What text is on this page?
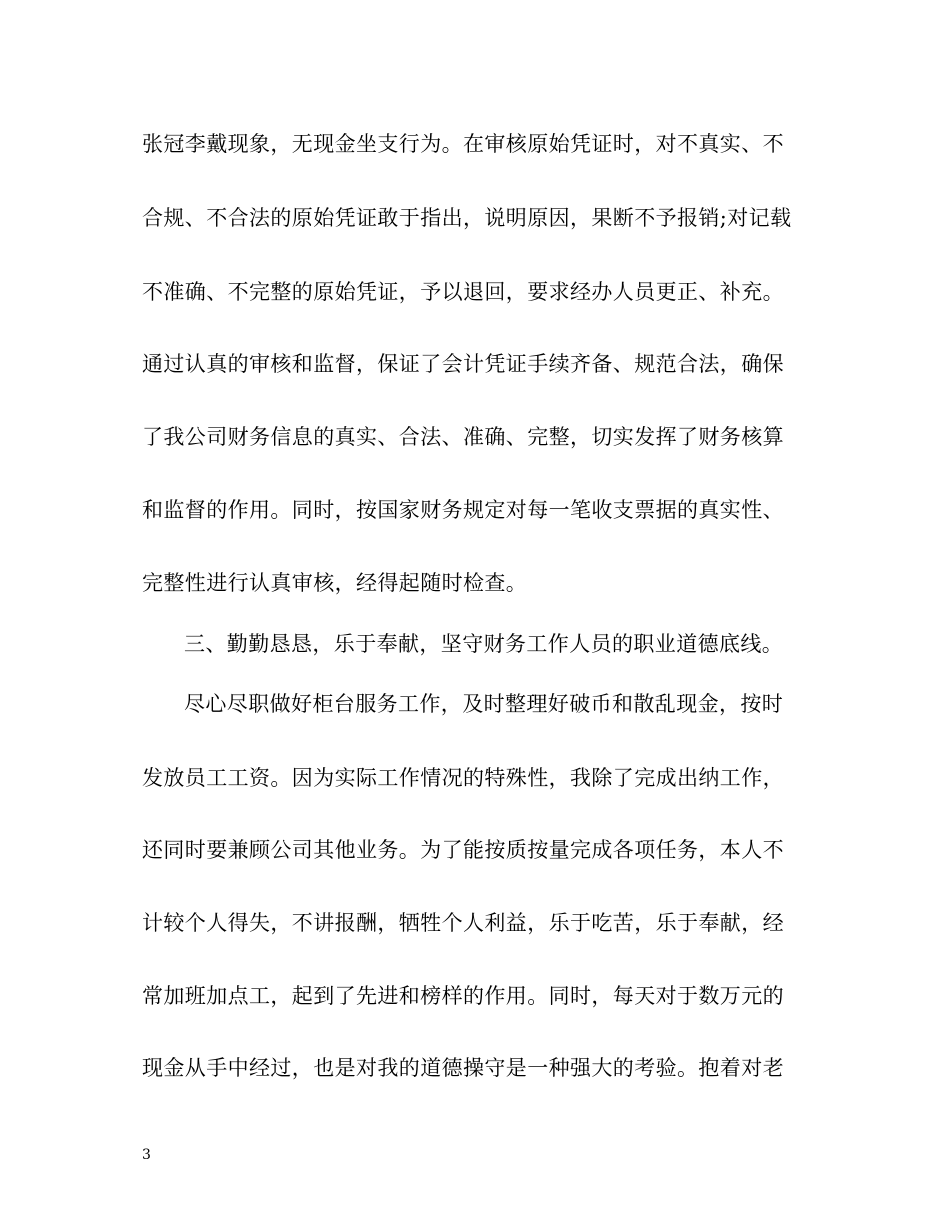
张冠李戴现象，无现金坐支行为。在审核原始凭证时，对不真实、不
合规、不合法的原始凭证敢于指出，说明原因，果断不予报销;对记载
不准确、不完整的原始凭证，予以退回，要求经办人员更正、补充。
通过认真的审核和监督，保证了会计凭证手续齐备、规范合法，确保
了我公司财务信息的真实、合法、准确、完整，切实发挥了财务核算
和监督的作用。同时，按国家财务规定对每一笔收支票据的真实性、
完整性进行认真审核，经得起随时检查。
三、勤勤恳恳，乐于奉献，坚守财务工作人员的职业道德底线。
尽心尽职做好柜台服务工作，及时整理好破币和散乱现金，按时
发放员工工资。因为实际工作情况的特殊性，我除了完成出纳工作，
还同时要兼顾公司其他业务。为了能按质按量完成各项任务，本人不
计较个人得失，不讲报酬，牺牲个人利益，乐于吃苦，乐于奉献，经
常加班加点工，起到了先进和榜样的作用。同时，每天对于数万元的
现金从手中经过，也是对我的道德操守是一种强大的考验。抱着对老
3
